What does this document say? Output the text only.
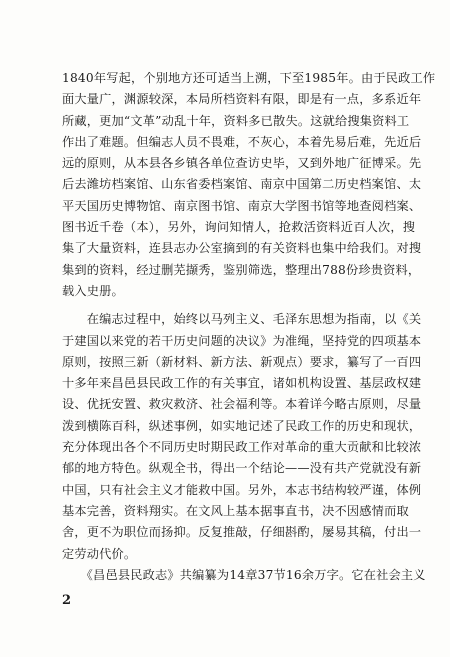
1840年写起，个别地方还可适当上溯，下至1985年。由于民政工作
面大量广，渊源较深，本局所档资料有限，即是有一点，多系近年
所藏，更加“文革”动乱十年，资料多已散失。这就给搜集资料工
作出了难题。但编志人员不畏难，不灰心，本着先易后难，先近后
远的原则，从本县各乡镇各单位查访史毕，又到外地广征博采。先
后去潍坊档案馆、山东省委档案馆、南京中国第二历史档案馆、太
平天国历史博物馆、南京图书馆、南京大学图书馆等地查阅档案、
图书近千卷（本），另外，询问知情人，抢救活资料近百人次，搜
集了大量资料，连县志办公室摘到的有关资料也集中给我们。对搜
集到的资料，经过删芜撷秀，鉴别筛选，整理出788份珍贵资料，
载入史册。
　　在编志过程中，始终以马列主义、毛泽东思想为指南，以《关
于建国以来党的若干历史问题的决议》为准绳，坚持党的四项基本
原则，按照三新（新材料、新方法、新观点）要求，纂写了一百四
十多年来昌邑县民政工作的有关事宜，诸如机构设置、基层政权建
设、优抚安置、救灾救济、社会福利等。本着详今略古原则，尽量
泼到横陈百科，纵述事例，如实地记述了民政工作的历史和现状，
充分体现出各个不同历史时期民政工作对革命的重大贡献和比较浓
郁的地方特色。纵观全书，得出一个结论——没有共产党就没有新
中国，只有社会主义才能救中国。另外，本志书结构较严谨，体例
基本完善，资料翔实。在文风上基本据事直书，决不因感情而取
舍，更不为职位而扬抑。反复推敲，仔细斟酌，屡易其稿，付出一
定劳动代价。
　　《昌邑县民政志》共编纂为14章37节16余万字。它在社会主义
2
